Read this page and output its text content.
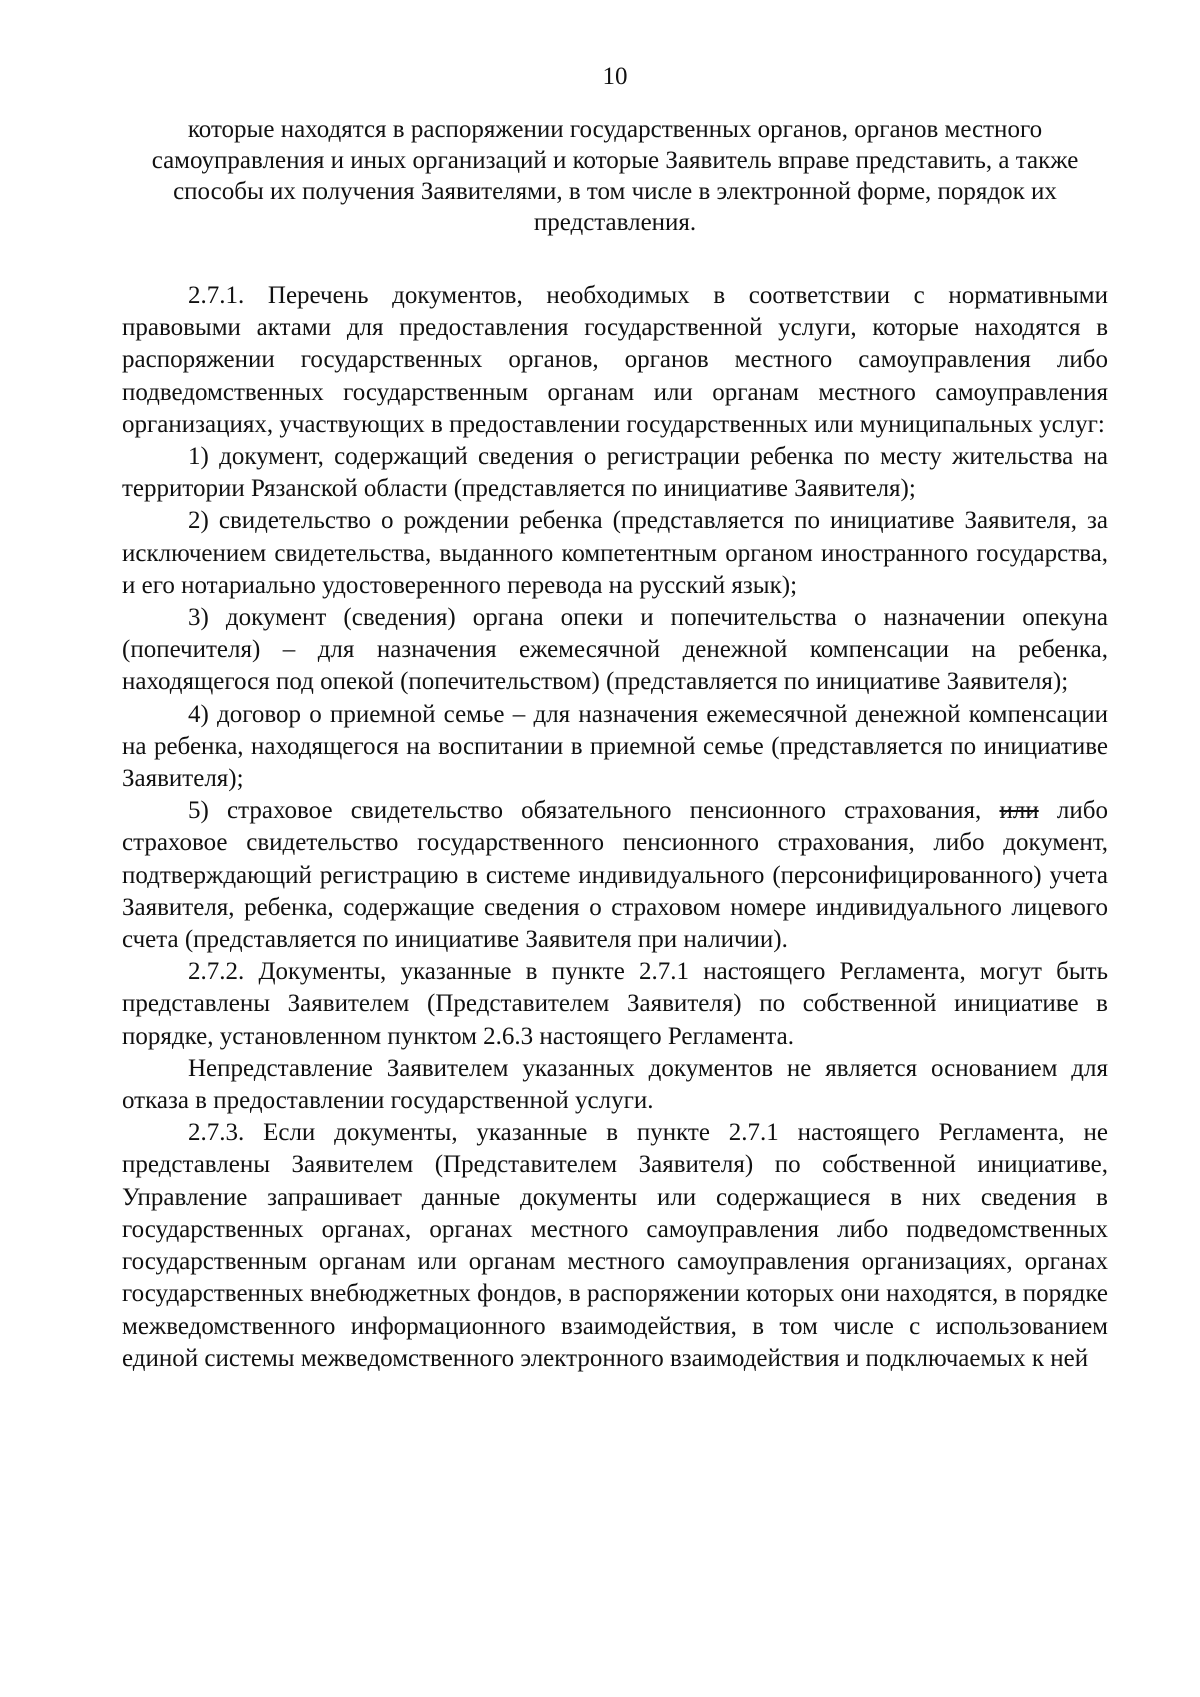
10
которые находятся в распоряжении государственных органов, органов местного самоуправления и иных организаций и которые Заявитель вправе представить, а также способы их получения Заявителями, в том числе в электронной форме, порядок их представления.

2.7.1. Перечень документов, необходимых в соответствии с нормативными правовыми актами для предоставления государственной услуги, которые находятся в распоряжении государственных органов, органов местного самоуправления либо подведомственных государственным органам или органам местного самоуправления организациях, участвующих в предоставлении государственных или муниципальных услуг:

1) документ, содержащий сведения о регистрации ребенка по месту жительства на территории Рязанской области (представляется по инициативе Заявителя);

2) свидетельство о рождении ребенка (представляется по инициативе Заявителя, за исключением свидетельства, выданного компетентным органом иностранного государства, и его нотариально удостоверенного перевода на русский язык);

3) документ (сведения) органа опеки и попечительства о назначении опекуна (попечителя) – для назначения ежемесячной денежной компенсации на ребенка, находящегося под опекой (попечительством) (представляется по инициативе Заявителя);

4) договор о приемной семье – для назначения ежемесячной денежной компенсации на ребенка, находящегося на воспитании в приемной семье (представляется по инициативе Заявителя);

5) страховое свидетельство обязательного пенсионного страхования, или либо страховое свидетельство государственного пенсионного страхования, либо документ, подтверждающий регистрацию в системе индивидуального (персонифицированного) учета Заявителя, ребенка, содержащие сведения о страховом номере индивидуального лицевого счета (представляется по инициативе Заявителя при наличии).

2.7.2. Документы, указанные в пункте 2.7.1 настоящего Регламента, могут быть представлены Заявителем (Представителем Заявителя) по собственной инициативе в порядке, установленном пунктом 2.6.3 настоящего Регламента.

Непредставление Заявителем указанных документов не является основанием для отказа в предоставлении государственной услуги.

2.7.3. Если документы, указанные в пункте 2.7.1 настоящего Регламента, не представлены Заявителем (Представителем Заявителя) по собственной инициативе, Управление запрашивает данные документы или содержащиеся в них сведения в государственных органах, органах местного самоуправления либо подведомственных государственным органам или органам местного самоуправления организациях, органах государственных внебюджетных фондов, в распоряжении которых они находятся, в порядке межведомственного информационного взаимодействия, в том числе с использованием единой системы межведомственного электронного взаимодействия и подключаемых к ней
